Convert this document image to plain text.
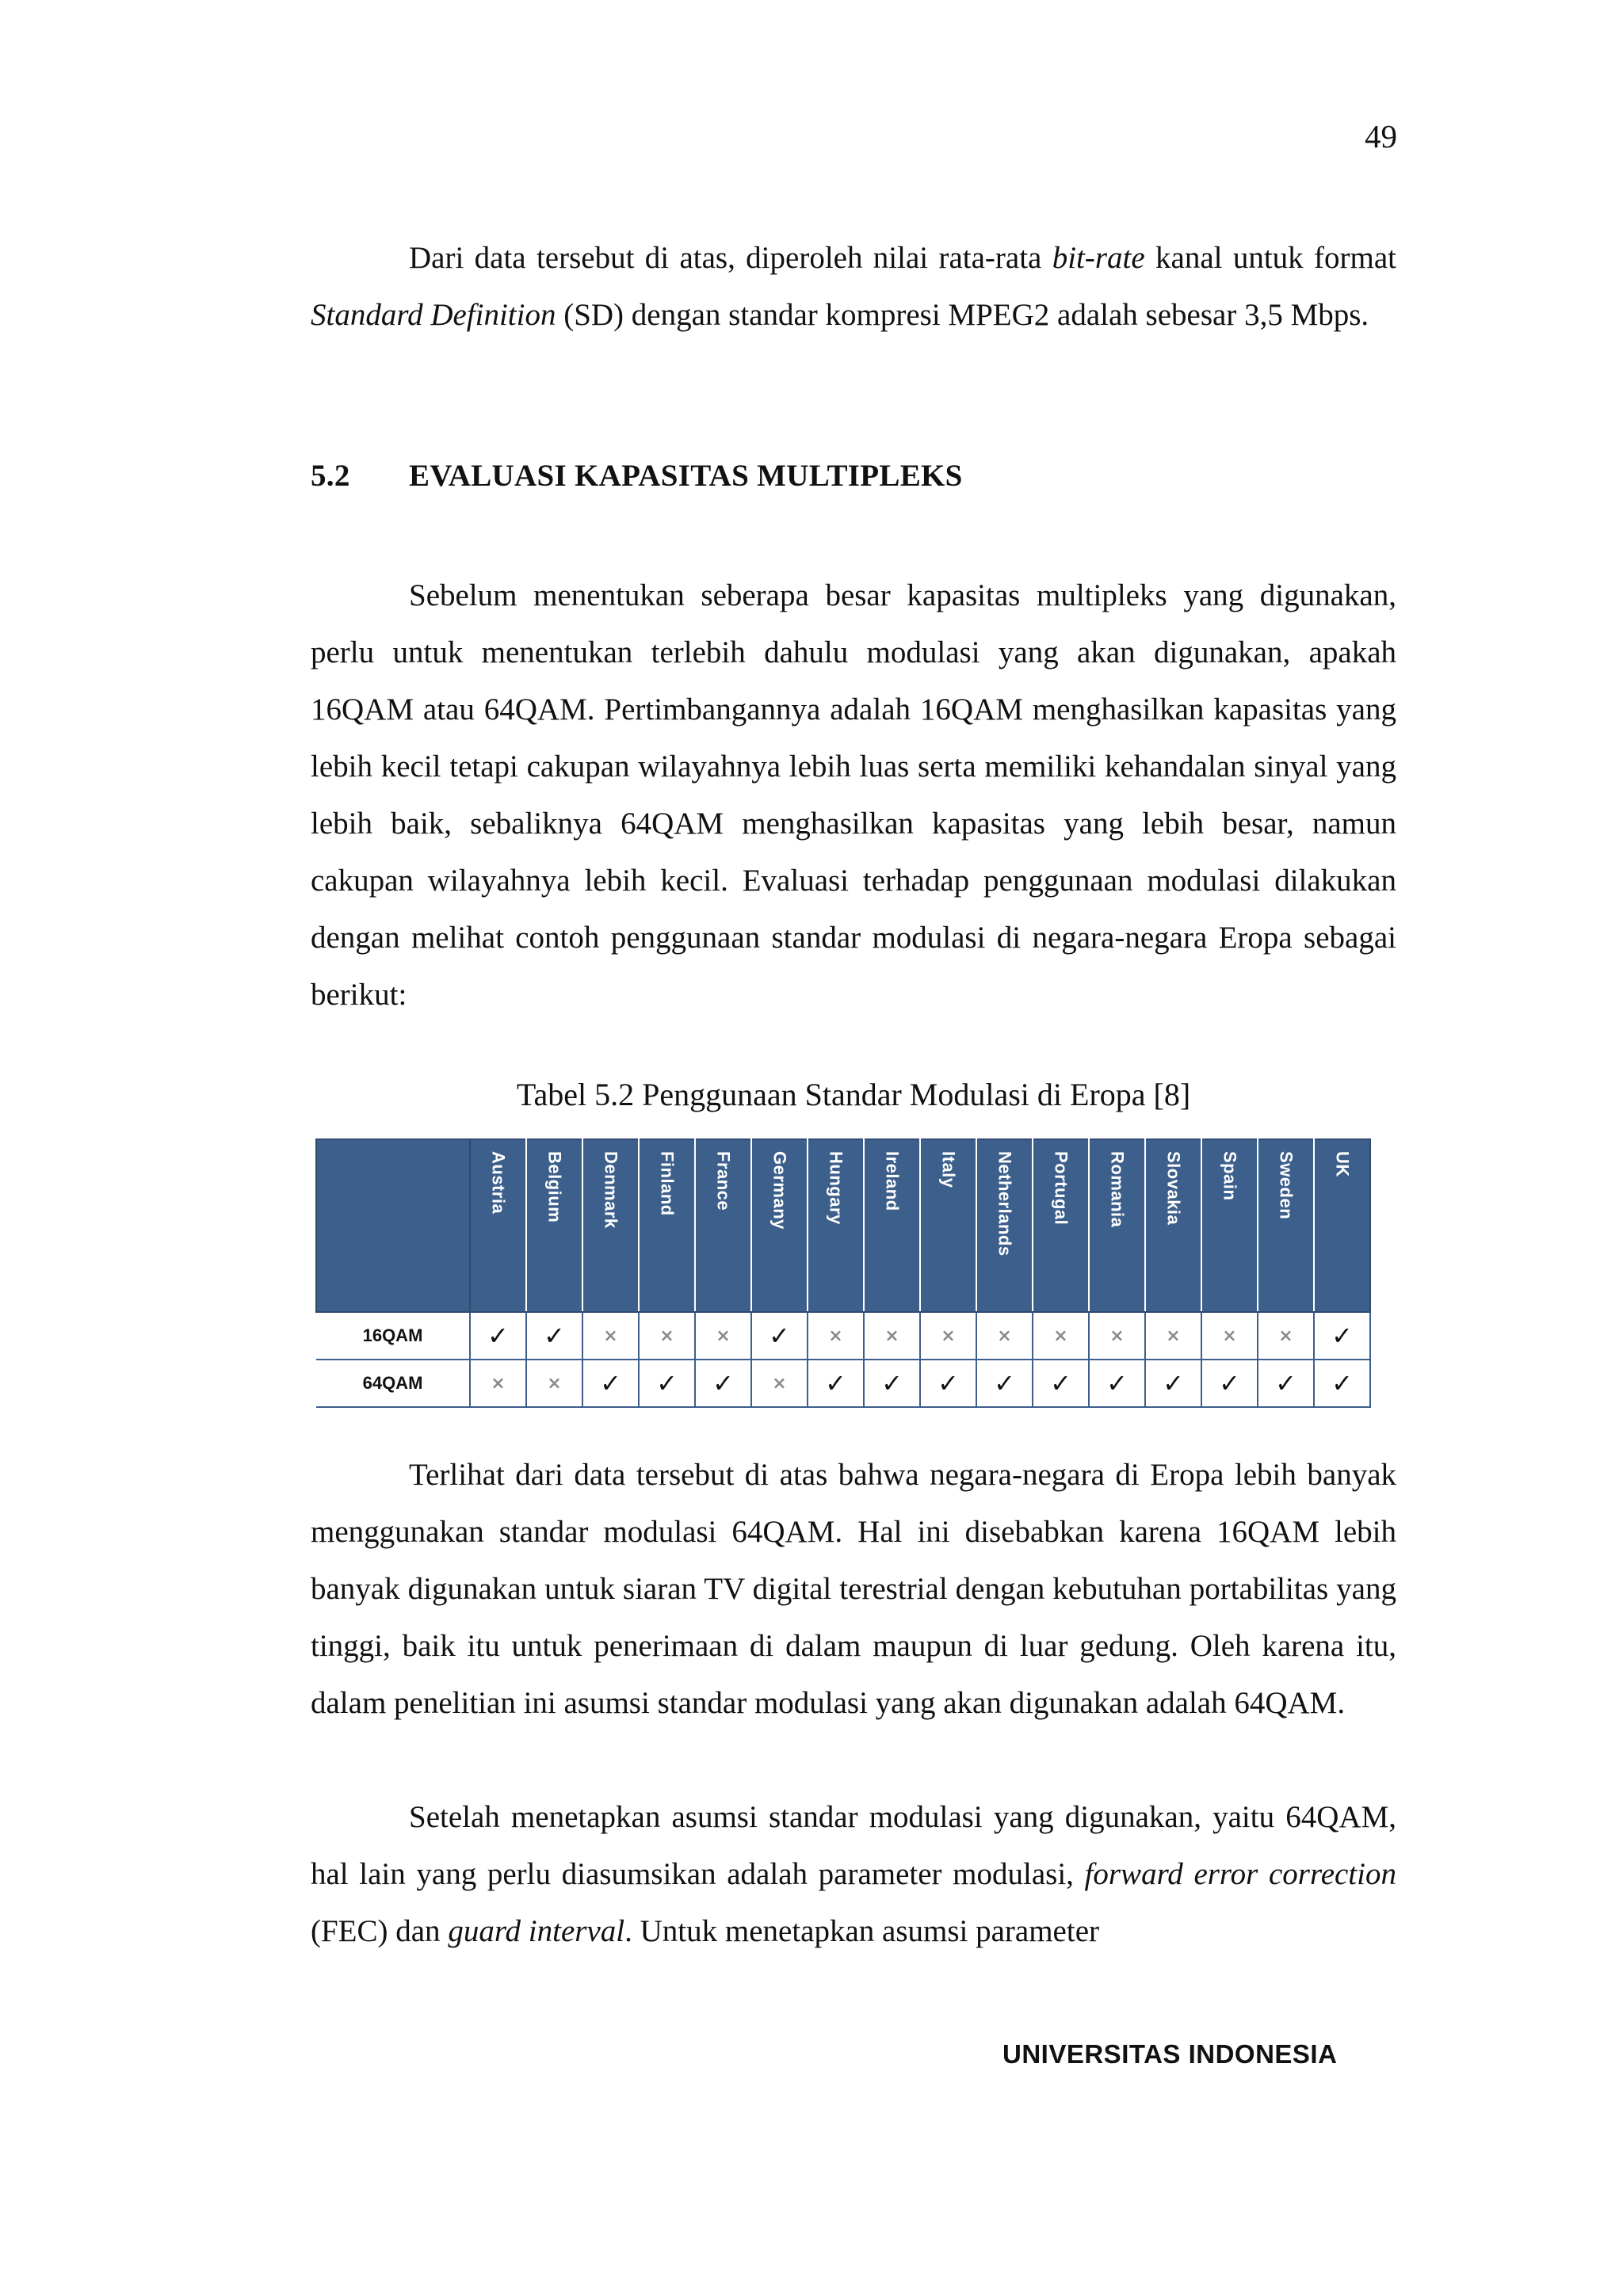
49

Dari data tersebut di atas, diperoleh nilai rata-rata bit-rate kanal untuk format Standard Definition (SD) dengan standar kompresi MPEG2 adalah sebesar 3,5 Mbps.

5.2 EVALUASI KAPASITAS MULTIPLEKS

Sebelum menentukan seberapa besar kapasitas multipleks yang digunakan, perlu untuk menentukan terlebih dahulu modulasi yang akan digunakan, apakah 16QAM atau 64QAM. Pertimbangannya adalah 16QAM menghasilkan kapasitas yang lebih kecil tetapi cakupan wilayahnya lebih luas serta memiliki kehandalan sinyal yang lebih baik, sebaliknya 64QAM menghasilkan kapasitas yang lebih besar, namun cakupan wilayahnya lebih kecil. Evaluasi terhadap penggunaan modulasi dilakukan dengan melihat contoh penggunaan standar modulasi di negara-negara Eropa sebagai berikut:

Tabel 5.2 Penggunaan Standar Modulasi di Eropa [8]

	Austria	Belgium	Denmark	Finland	France	Germany	Hungary	Ireland	Italy	Netherlands	Portugal	Romania	Slovakia	Spain	Sweden	UK

16QAM	✓	✓	×	×	×	✓	×	×	×	×	×	×	×	×	×	✓
64QAM	×	×	✓	✓	✓	×	✓	✓	✓	✓	✓	✓	✓	✓	✓	✓

Terlihat dari data tersebut di atas bahwa negara-negara di Eropa lebih banyak menggunakan standar modulasi 64QAM. Hal ini disebabkan karena 16QAM lebih banyak digunakan untuk siaran TV digital terestrial dengan kebutuhan portabilitas yang tinggi, baik itu untuk penerimaan di dalam maupun di luar gedung. Oleh karena itu, dalam penelitian ini asumsi standar modulasi yang akan digunakan adalah 64QAM.

Setelah menetapkan asumsi standar modulasi yang digunakan, yaitu 64QAM, hal lain yang perlu diasumsikan adalah parameter modulasi, forward error correction (FEC) dan guard interval. Untuk menetapkan asumsi parameter

UNIVERSITAS INDONESIA
